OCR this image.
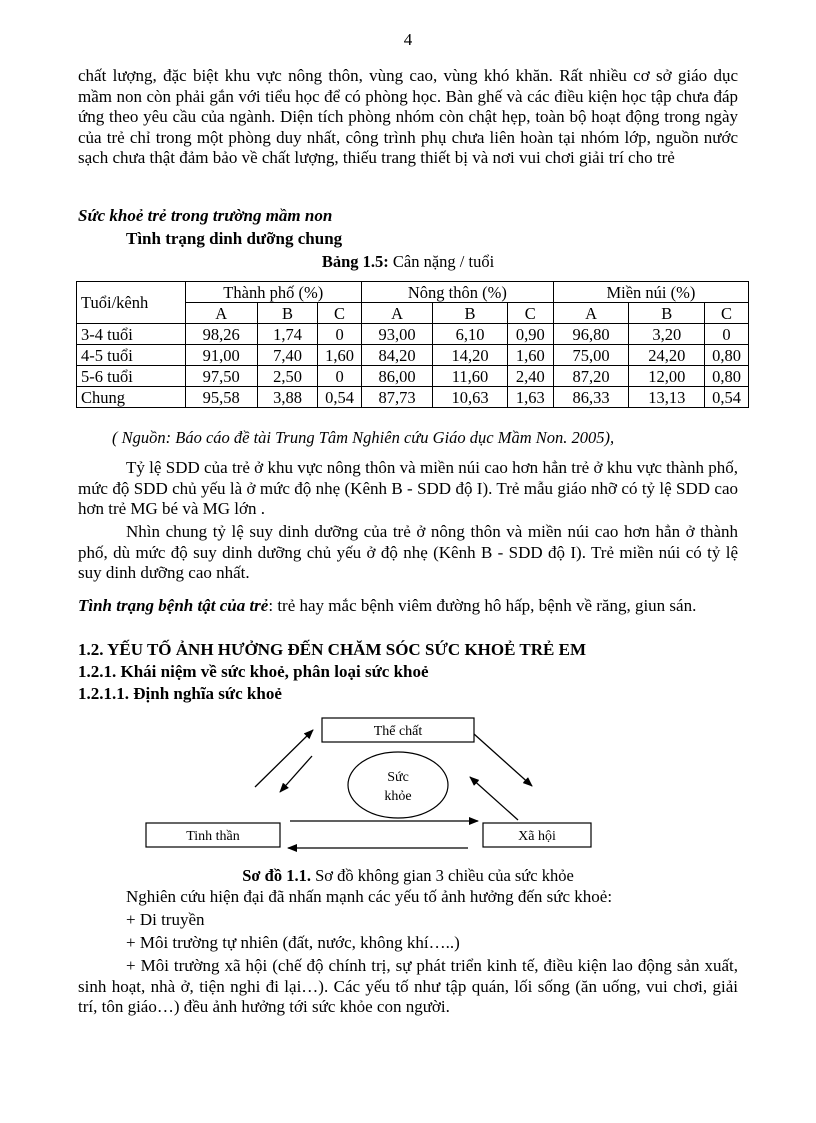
4

chất lượng, đặc biệt khu vực nông thôn, vùng cao, vùng khó khăn. Rất nhiều cơ sở giáo dục mầm non còn phải gắn với tiểu học để có phòng học. Bàn ghế và các điều kiện học tập chưa đáp ứng theo yêu cầu của ngành. Diện tích phòng nhóm còn chật hẹp, toàn bộ hoạt động trong ngày của trẻ chỉ trong một phòng duy nhất, công trình phụ chưa liên hoàn tại nhóm lớp, nguồn nước sạch chưa thật đảm bảo về chất lượng, thiếu trang thiết bị và nơi vui chơi giải trí cho trẻ

Sức khoẻ trẻ trong trường mầm non
Tình trạng dinh dưỡng chung
Bảng 1.5: Cân nặng / tuổi
Tuổi/kênh	Thành phố (%)			Nông thôn (%)			Miền núi (%)		
	A	B	C	A	B	C	A	B	C
3-4 tuổi	98,26	1,74	0	93,00	6,10	0,90	96,80	3,20	0
4-5 tuổi	91,00	7,40	1,60	84,20	14,20	1,60	75,00	24,20	0,80
5-6 tuổi	97,50	2,50	0	86,00	11,60	2,40	87,20	12,00	0,80
Chung	95,58	3,88	0,54	87,73	10,63	1,63	86,33	13,13	0,54
( Nguồn: Báo cáo đề tài Trung Tâm Nghiên cứu Giáo dục Mầm Non. 2005),

Tỷ lệ SDD của trẻ ở khu vực nông thôn và miền núi cao hơn hẳn trẻ ở khu vực thành phố, mức độ SDD chủ yếu là ở mức độ nhẹ (Kênh B - SDD độ I). Trẻ mẫu giáo nhỡ có tỷ lệ SDD cao hơn trẻ MG bé và MG lớn .

Nhìn chung tỷ lệ suy dinh dưỡng của trẻ ở nông thôn và miền núi cao hơn hẳn ở thành phố, dù mức độ suy dinh dưỡng chủ yếu ở độ nhẹ (Kênh B - SDD độ I). Trẻ miền núi có tỷ lệ suy dinh dưỡng cao nhất.

Tình trạng bệnh tật của trẻ: trẻ hay mắc bệnh viêm đường hô hấp, bệnh về răng, giun sán.

1.2. YẾU TỐ ẢNH HƯỞNG ĐẾN CHĂM SÓC SỨC KHOẺ TRẺ EM
1.2.1. Khái niệm về sức khoẻ, phân loại sức khoẻ
1.2.1.1. Định nghĩa sức khoẻ
Thể chất
Tinh thần	Xã hội
Sức
khỏe
Sơ đồ 1.1. Sơ đồ không gian 3 chiều của sức khỏe
Nghiên cứu hiện đại đã nhấn mạnh các yếu tố ảnh hưởng đến sức khoẻ:
+ Di truyền
+ Môi trường tự nhiên (đất, nước, không khí…..)

+ Môi trường xã hội (chế độ chính trị, sự phát triển kinh tế, điều kiện lao động sản xuất, sinh hoạt, nhà ở, tiện nghi đi lại…). Các yếu tố như tập quán, lối sống (ăn uống, vui chơi, giải trí, tôn giáo…) đều ảnh hưởng tới sức khỏe con người.
